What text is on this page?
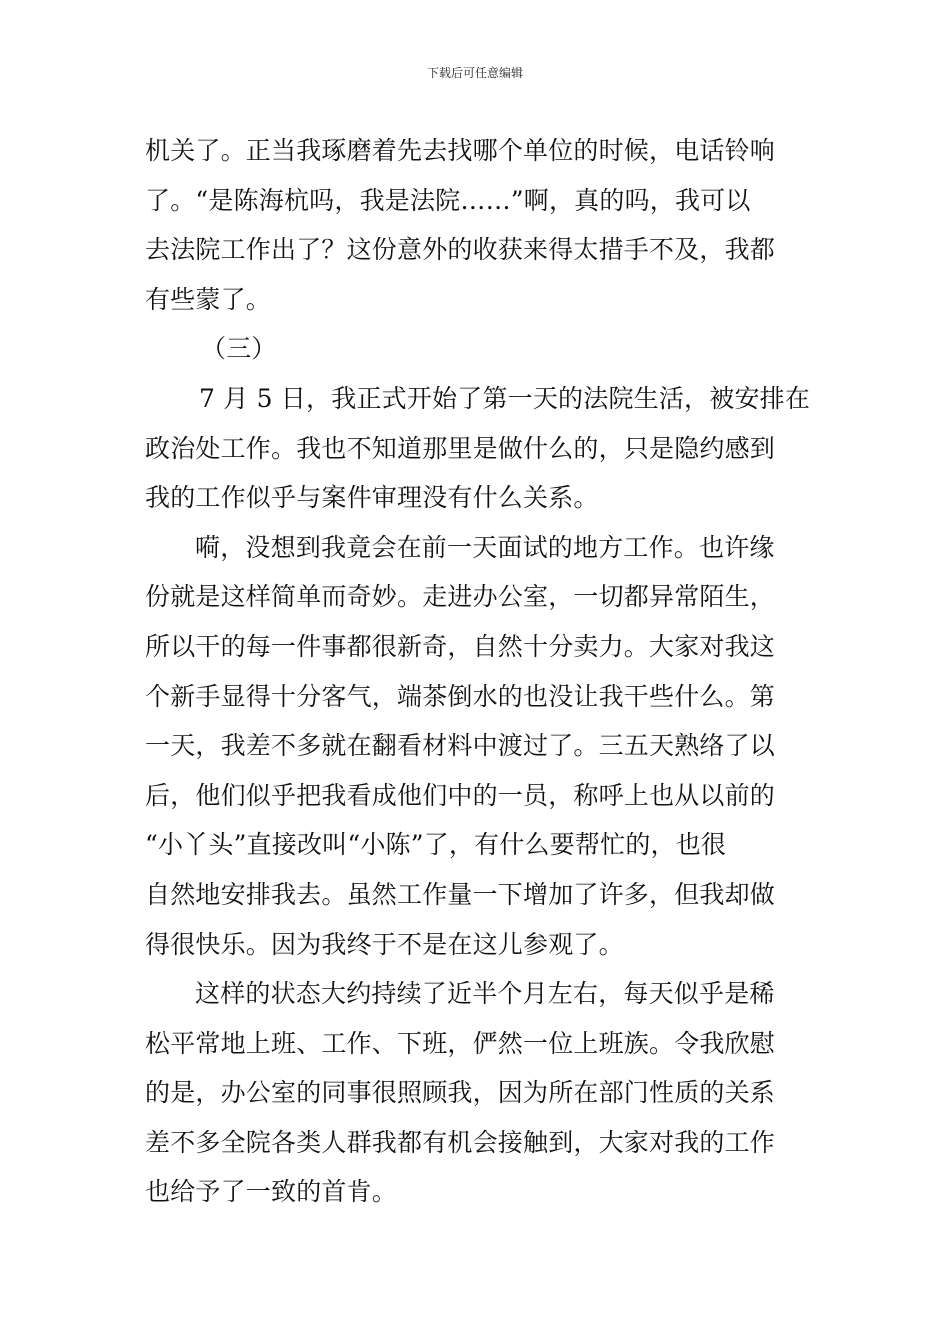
下载后可任意编辑
机关了。正当我琢磨着先去找哪个单位的时候，电话铃响
了。“是陈海杭吗，我是法院……”啊，真的吗，我可以
去法院工作出了？这份意外的收获来得太措手不及，我都
有些蒙了。
（三）
7 月 5 日，我正式开始了第一天的法院生活，被安排在
政治处工作。我也不知道那里是做什么的，只是隐约感到
我的工作似乎与案件审理没有什么关系。
嗬，没想到我竟会在前一天面试的地方工作。也许缘
份就是这样简单而奇妙。走进办公室，一切都异常陌生，
所以干的每一件事都很新奇，自然十分卖力。大家对我这
个新手显得十分客气，端茶倒水的也没让我干些什么。第
一天，我差不多就在翻看材料中渡过了。三五天熟络了以
后，他们似乎把我看成他们中的一员，称呼上也从以前的
“小丫头”直接改叫“小陈”了，有什么要帮忙的，也很
自然地安排我去。虽然工作量一下增加了许多，但我却做
得很快乐。因为我终于不是在这儿参观了。
这样的状态大约持续了近半个月左右，每天似乎是稀
松平常地上班、工作、下班，俨然一位上班族。令我欣慰
的是，办公室的同事很照顾我，因为所在部门性质的关系
差不多全院各类人群我都有机会接触到，大家对我的工作
也给予了一致的首肯。
